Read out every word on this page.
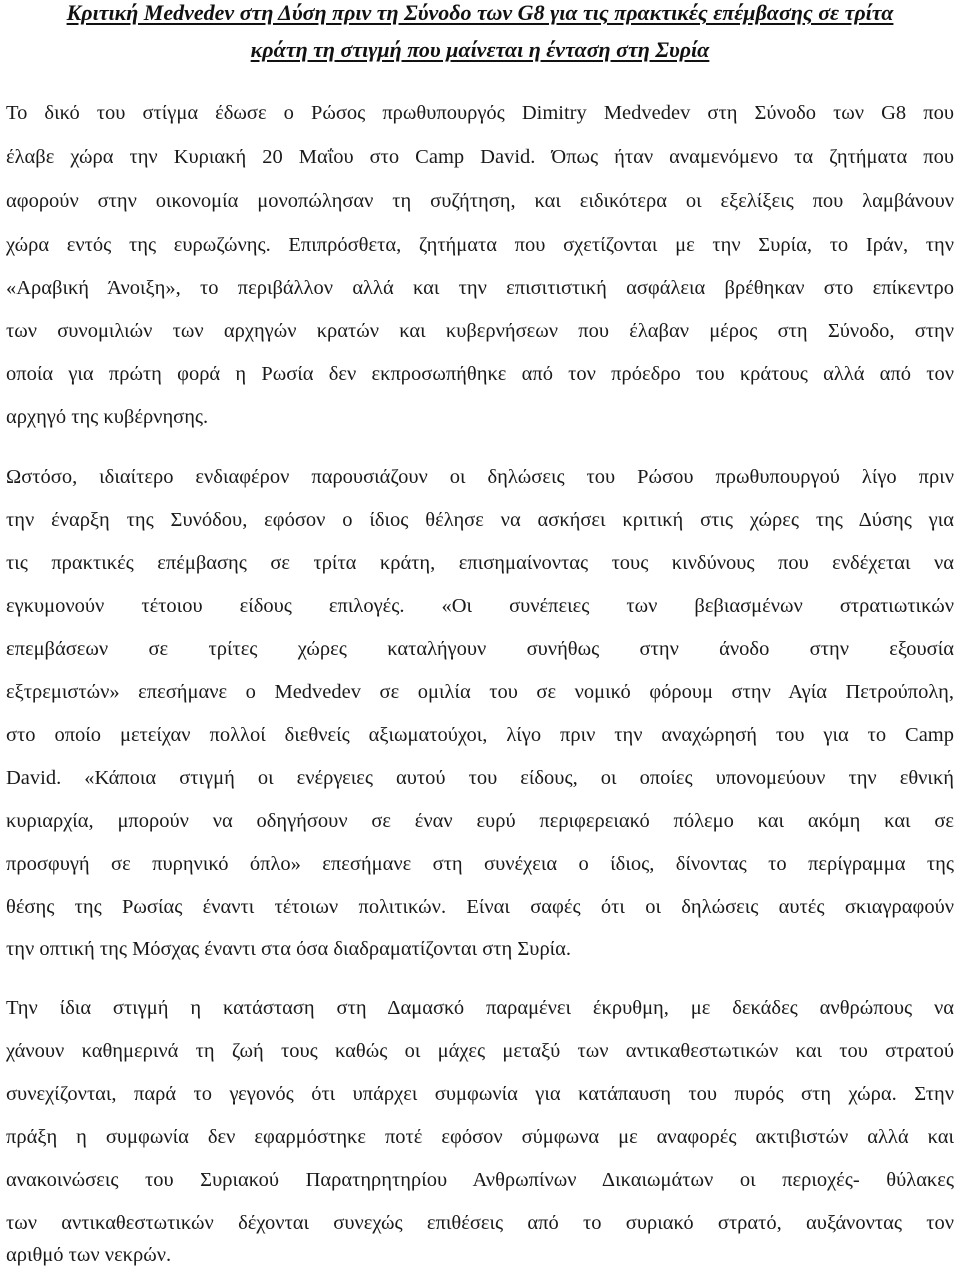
Κριτική Medvedev στη Δύση πριν τη Σύνοδο των G8 για τις πρακτικές επέμβασης σε τρίτα
κράτη τη στιγμή που μαίνεται η ένταση στη Συρία

Το δικό του στίγμα έδωσε ο Ρώσος πρωθυπουργός Dimitry Medvedev στη Σύνοδο των G8 που

έλαβε χώρα την Κυριακή 20 Μαΐου στο Camp David. Όπως ήταν αναμενόμενο τα ζητήματα που

αφορούν στην οικονομία μονοπώλησαν τη συζήτηση, και ειδικότερα οι εξελίξεις που λαμβάνουν

χώρα εντός της ευρωζώνης. Επιπρόσθετα, ζητήματα που σχετίζονται με την Συρία, το Ιράν, την

«Αραβική Άνοιξη», το περιβάλλον αλλά και την επισιτιστική ασφάλεια βρέθηκαν στο επίκεντρο

των συνομιλιών των αρχηγών κρατών και κυβερνήσεων που έλαβαν μέρος στη Σύνοδο, στην

οποία για πρώτη φορά η Ρωσία δεν εκπροσωπήθηκε από τον πρόεδρο του κράτους αλλά από τον

αρχηγό της κυβέρνησης.

Ωστόσο, ιδιαίτερο ενδιαφέρον παρουσιάζουν οι δηλώσεις του Ρώσου πρωθυπουργού λίγο πριν

την έναρξη της Συνόδου, εφόσον ο ίδιος θέλησε να ασκήσει κριτική στις χώρες της Δύσης για

τις πρακτικές επέμβασης σε τρίτα κράτη, επισημαίνοντας τους κινδύνους που ενδέχεται να

εγκυμονούν τέτοιου είδους επιλογές. «Οι συνέπειες των βεβιασμένων στρατιωτικών

επεμβάσεων σε τρίτες χώρες καταλήγουν συνήθως στην άνοδο στην εξουσία

εξτρεμιστών» επεσήμανε ο Medvedev σε ομιλία του σε νομικό φόρουμ στην Αγία Πετρούπολη,

στο οποίο μετείχαν πολλοί διεθνείς αξιωματούχοι, λίγο πριν την αναχώρησή του για το Camp

David. «Κάποια στιγμή οι ενέργειες αυτού του είδους, οι οποίες υπονομεύουν την εθνική

κυριαρχία, μπορούν να οδηγήσουν σε έναν ευρύ περιφερειακό πόλεμο και ακόμη και σε

προσφυγή σε πυρηνικό όπλο» επεσήμανε στη συνέχεια ο ίδιος, δίνοντας το περίγραμμα της

θέσης της Ρωσίας έναντι τέτοιων πολιτικών. Είναι σαφές ότι οι δηλώσεις αυτές σκιαγραφούν

την οπτική της Μόσχας έναντι στα όσα διαδραματίζονται στη Συρία.

Την ίδια στιγμή η κατάσταση στη Δαμασκό παραμένει έκρυθμη, με δεκάδες ανθρώπους να

χάνουν καθημερινά τη ζωή τους καθώς οι μάχες μεταξύ των αντικαθεστωτικών και του στρατού

συνεχίζονται, παρά το γεγονός ότι υπάρχει συμφωνία για κατάπαυση του πυρός στη χώρα. Στην

πράξη η συμφωνία δεν εφαρμόστηκε ποτέ εφόσον σύμφωνα με αναφορές ακτιβιστών αλλά και

ανακοινώσεις του Συριακού Παρατηρητηρίου Ανθρωπίνων Δικαιωμάτων οι περιοχές- θύλακες

των αντικαθεστωτικών δέχονται συνεχώς επιθέσεις από το συριακό στρατό, αυξάνοντας τον

αριθμό των νεκρών.
